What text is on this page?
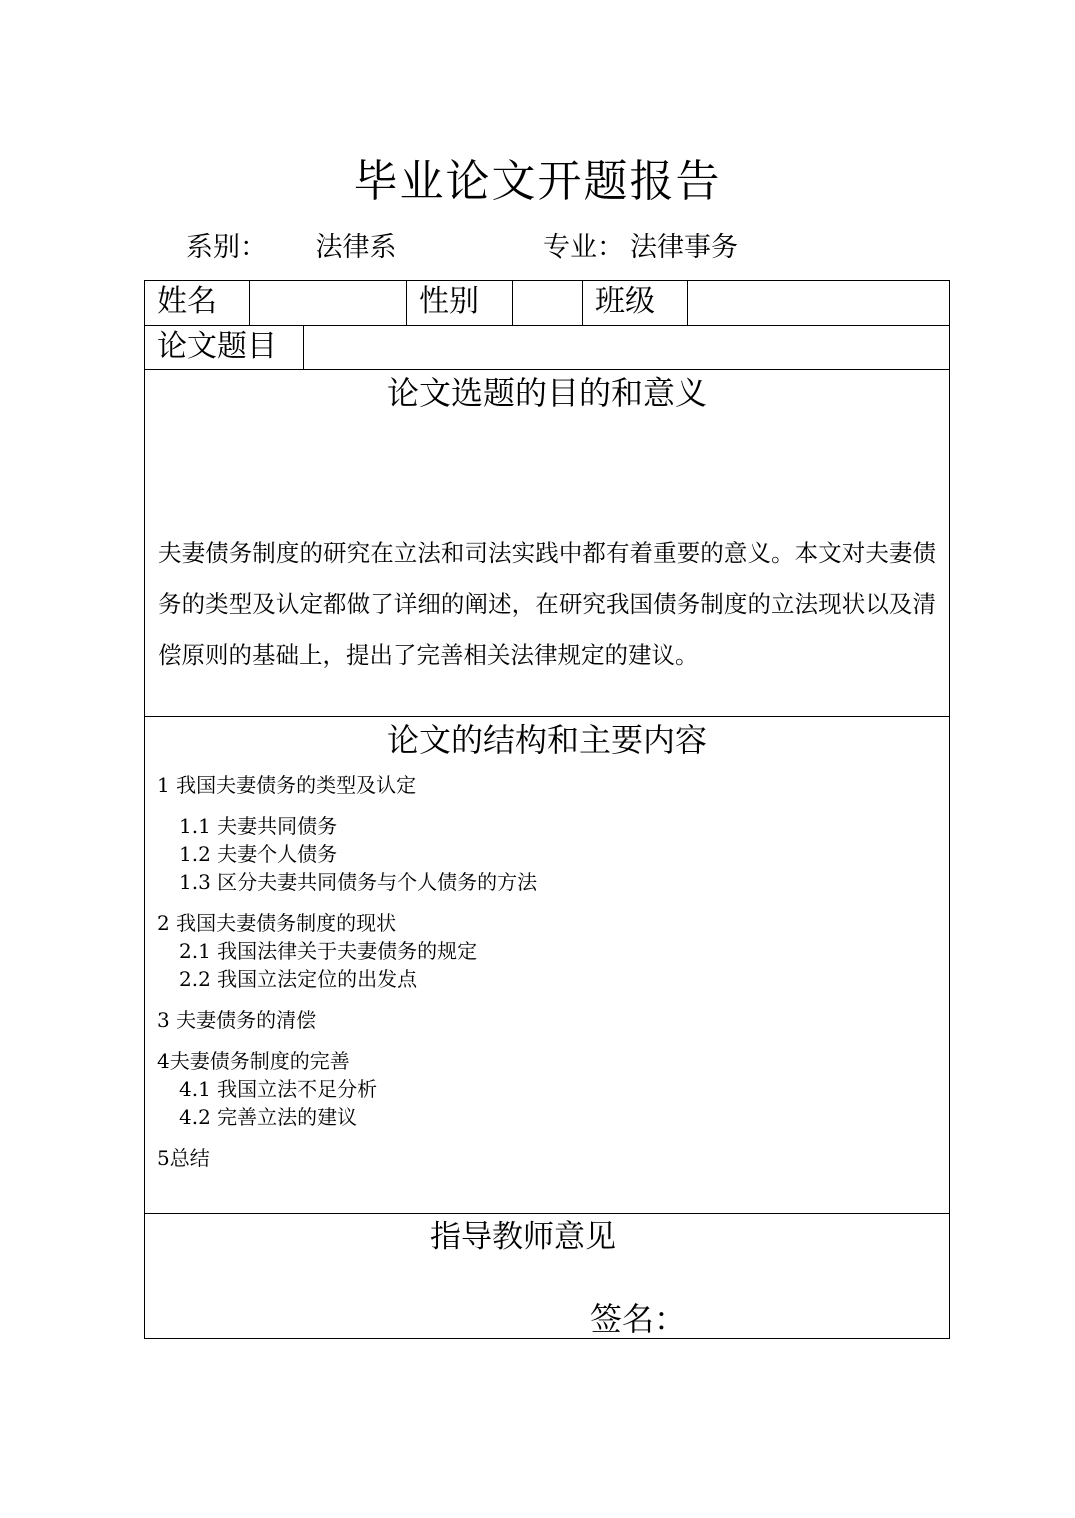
毕业论文开题报告
系别：	法律系	专业： 法律事务
姓名	性别	班级
论文题目
论文选题的目的和意义

夫妻债务制度的研究在立法和司法实践中都有着重要的意义。本文对夫妻债务的类型及认定都做了详细的阐述，在研究我国债务制度的立法现状以及清偿原则的基础上，提出了完善相关法律规定的建议。

论文的结构和主要内容
1 我国夫妻债务的类型及认定
1.1 夫妻共同债务
1.2 夫妻个人债务
1.3 区分夫妻共同债务与个人债务的方法
2 我国夫妻债务制度的现状
2.1 我国法律关于夫妻债务的规定
2.2 我国立法定位的出发点
3 夫妻债务的清偿
4夫妻债务制度的完善
4.1 我国立法不足分析
4.2 完善立法的建议
5总结
指导教师意见
签名：
